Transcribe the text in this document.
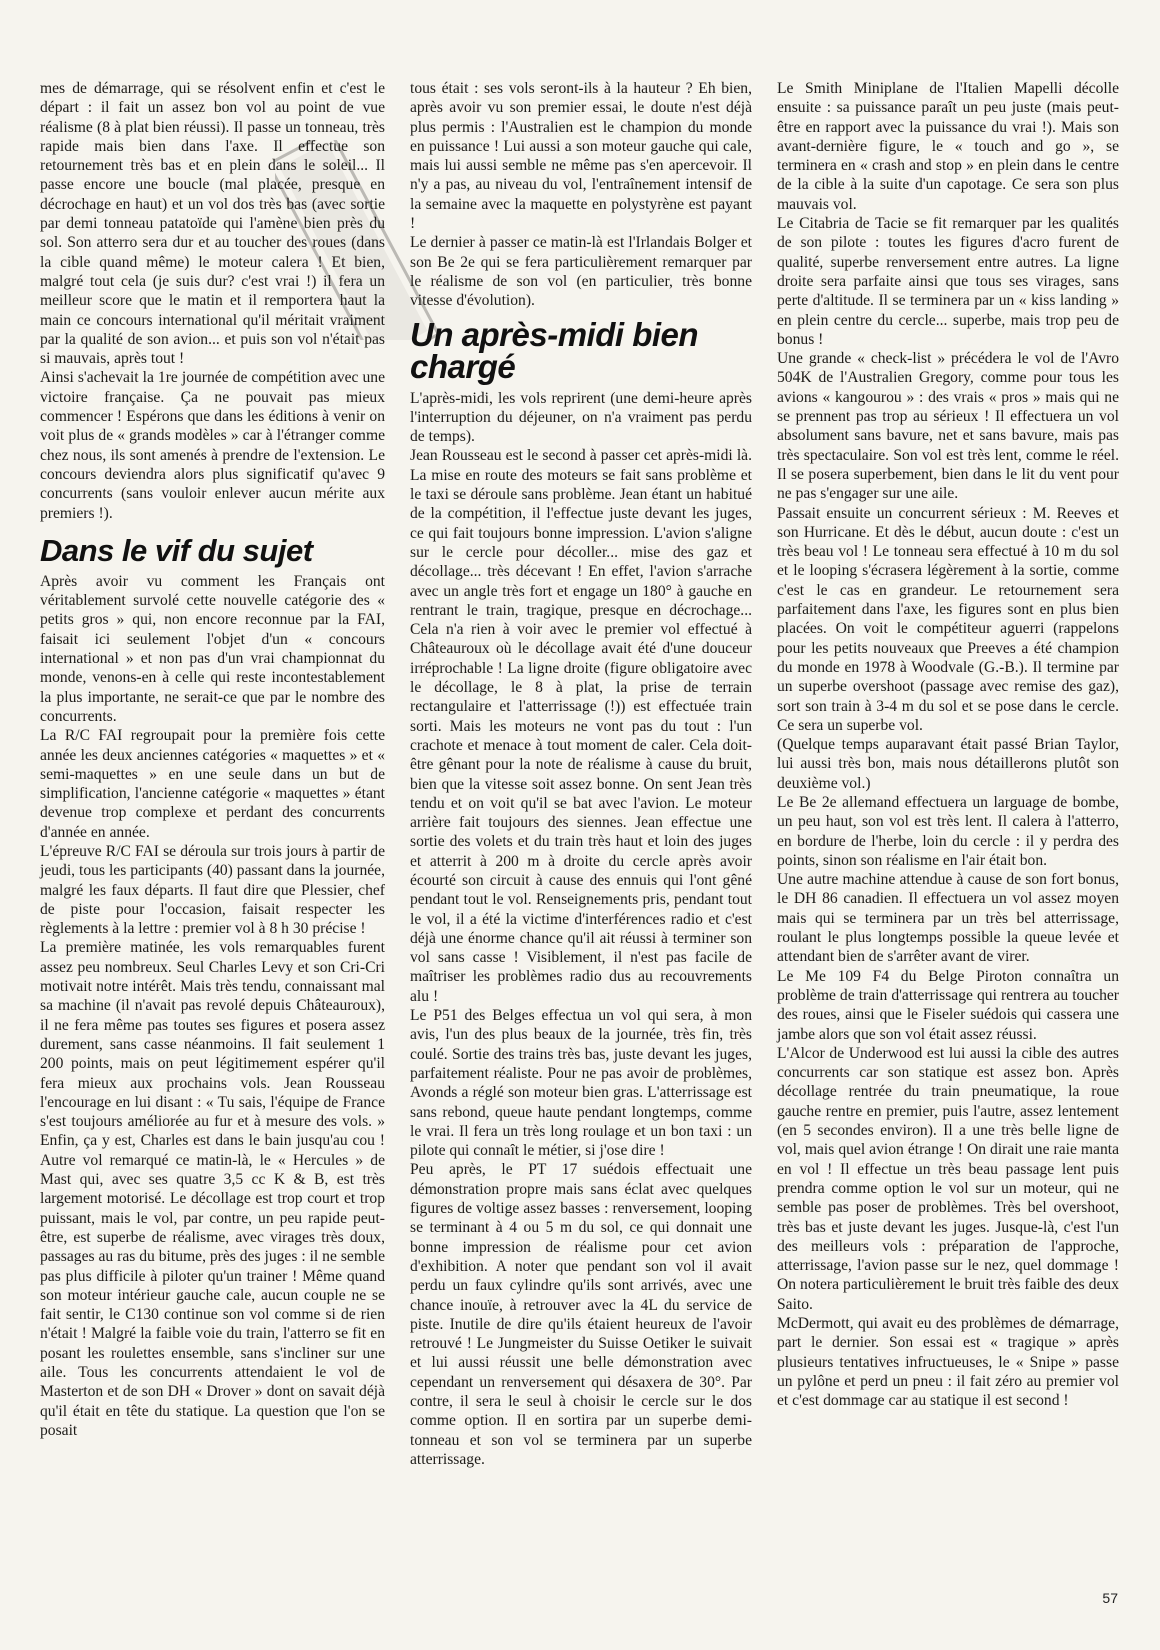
mes de démarrage, qui se résolvent enfin et c'est le départ : il fait un assez bon vol au point de vue réalisme (8 à plat bien réussi). Il passe un tonneau, très rapide mais bien dans l'axe. Il effectue son retournement très bas et en plein dans le soleil... Il passe encore une boucle (mal placée, presque en décrochage en haut) et un vol dos très bas (avec sortie par demi tonneau patatoïde qui l'amène bien près du sol. Son atterro sera dur et au toucher des roues (dans la cible quand même) le moteur calera ! Et bien, malgré tout cela (je suis dur? c'est vrai !) il fera un meilleur score que le matin et il remportera haut la main ce concours international qu'il méritait vraiment par la qualité de son avion... et puis son vol n'était pas si mauvais, après tout !

Ainsi s'achevait la 1re journée de compétition avec une victoire française. Ça ne pouvait pas mieux commencer ! Espérons que dans les éditions à venir on voit plus de « grands modèles » car à l'étranger comme chez nous, ils sont amenés à prendre de l'extension. Le concours deviendra alors plus significatif qu'avec 9 concurrents (sans vouloir enlever aucun mérite aux premiers !).

Dans le vif du sujet

Après avoir vu comment les Français ont véritablement survolé cette nouvelle catégorie des « petits gros » qui, non encore reconnue par la FAI, faisait ici seulement l'objet d'un « concours international » et non pas d'un vrai championnat du monde, venons-en à celle qui reste incontestablement la plus importante, ne serait-ce que par le nombre des concurrents.

La R/C FAI regroupait pour la première fois cette année les deux anciennes catégories « maquettes » et « semi-maquettes » en une seule dans un but de simplification, l'ancienne catégorie « maquettes » étant devenue trop complexe et perdant des concurrents d'année en année.

L'épreuve R/C FAI se déroula sur trois jours à partir de jeudi, tous les participants (40) passant dans la journée, malgré les faux départs. Il faut dire que Plessier, chef de piste pour l'occasion, faisait respecter les règlements à la lettre : premier vol à 8 h 30 précise !

La première matinée, les vols remarquables furent assez peu nombreux. Seul Charles Levy et son Cri-Cri motivait notre intérêt. Mais très tendu, connaissant mal sa machine (il n'avait pas revolé depuis Châteauroux), il ne fera même pas toutes ses figures et posera assez durement, sans casse néanmoins. Il fait seulement 1 200 points, mais on peut légitimement espérer qu'il fera mieux aux prochains vols. Jean Rousseau l'encourage en lui disant : « Tu sais, l'équipe de France s'est toujours améliorée au fur et à mesure des vols. » Enfin, ça y est, Charles est dans le bain jusqu'au cou ! Autre vol remarqué ce matin-là, le « Hercules » de Mast qui, avec ses quatre 3,5 cc K & B, est très largement motorisé. Le décollage est trop court et trop puissant, mais le vol, par contre, un peu rapide peut-être, est superbe de réalisme, avec virages très doux, passages au ras du bitume, près des juges : il ne semble pas plus difficile à piloter qu'un trainer ! Même quand son moteur intérieur gauche cale, aucun couple ne se fait sentir, le C130 continue son vol comme si de rien n'était ! Malgré la faible voie du train, l'atterro se fit en posant les roulettes ensemble, sans s'incliner sur une aile. Tous les concurrents attendaient le vol de Masterton et de son DH « Drover » dont on savait déjà qu'il était en tête du statique. La question que l'on se posait

tous était : ses vols seront-ils à la hauteur ? Eh bien, après avoir vu son premier essai, le doute n'est déjà plus permis : l'Australien est le champion du monde en puissance ! Lui aussi a son moteur gauche qui cale, mais lui aussi semble ne même pas s'en apercevoir. Il n'y a pas, au niveau du vol, l'entraînement intensif de la semaine avec la maquette en polystyrène est payant !

Le dernier à passer ce matin-là est l'Irlandais Bolger et son Be 2e qui se fera particulièrement remarquer par le réalisme de son vol (en particulier, très bonne vitesse d'évolution).

Un après-midi bien chargé

L'après-midi, les vols reprirent (une demi-heure après l'interruption du déjeuner, on n'a vraiment pas perdu de temps).

Jean Rousseau est le second à passer cet après-midi là. La mise en route des moteurs se fait sans problème et le taxi se déroule sans problème. Jean étant un habitué de la compétition, il l'effectue juste devant les juges, ce qui fait toujours bonne impression. L'avion s'aligne sur le cercle pour décoller... mise des gaz et décollage... très décevant ! En effet, l'avion s'arrache avec un angle très fort et engage un 180° à gauche en rentrant le train, tragique, presque en décrochage... Cela n'a rien à voir avec le premier vol effectué à Châteauroux où le décollage avait été d'une douceur irréprochable ! La ligne droite (figure obligatoire avec le décollage, le 8 à plat, la prise de terrain rectangulaire et l'atterrissage (!)) est effectuée train sorti. Mais les moteurs ne vont pas du tout : l'un crachote et menace à tout moment de caler. Cela doit-être gênant pour la note de réalisme à cause du bruit, bien que la vitesse soit assez bonne. On sent Jean très tendu et on voit qu'il se bat avec l'avion. Le moteur arrière fait toujours des siennes. Jean effectue une sortie des volets et du train très haut et loin des juges et atterrit à 200 m à droite du cercle après avoir écourté son circuit à cause des ennuis qui l'ont gêné pendant tout le vol. Renseignements pris, pendant tout le vol, il a été la victime d'interférences radio et c'est déjà une énorme chance qu'il ait réussi à terminer son vol sans casse ! Visiblement, il n'est pas facile de maîtriser les problèmes radio dus au recouvrements alu !

Le P51 des Belges effectua un vol qui sera, à mon avis, l'un des plus beaux de la journée, très fin, très coulé. Sortie des trains très bas, juste devant les juges, parfaitement réaliste. Pour ne pas avoir de problèmes, Avonds a réglé son moteur bien gras. L'atterrissage est sans rebond, queue haute pendant longtemps, comme le vrai. Il fera un très long roulage et un bon taxi : un pilote qui connaît le métier, si j'ose dire !

Peu après, le PT 17 suédois effectuait une démonstration propre mais sans éclat avec quelques figures de voltige assez basses : renversement, looping se terminant à 4 ou 5 m du sol, ce qui donnait une bonne impression de réalisme pour cet avion d'exhibition. A noter que pendant son vol il avait perdu un faux cylindre qu'ils sont arrivés, avec une chance inouïe, à retrouver avec la 4L du service de piste. Inutile de dire qu'ils étaient heureux de l'avoir retrouvé ! Le Jungmeister du Suisse Oetiker le suivait et lui aussi réussit une belle démonstration avec cependant un renversement qui désaxera de 30°. Par contre, il sera le seul à choisir le cercle sur le dos comme option. Il en sortira par un superbe demi-tonneau et son vol se terminera par un superbe atterrissage.

Le Smith Miniplane de l'Italien Mapelli décolle ensuite : sa puissance paraît un peu juste (mais peut-être en rapport avec la puissance du vrai !). Mais son avant-dernière figure, le « touch and go », se terminera en « crash and stop » en plein dans le centre de la cible à la suite d'un capotage. Ce sera son plus mauvais vol.

Le Citabria de Tacie se fit remarquer par les qualités de son pilote : toutes les figures d'acro furent de qualité, superbe renversement entre autres. La ligne droite sera parfaite ainsi que tous ses virages, sans perte d'altitude. Il se terminera par un « kiss landing » en plein centre du cercle... superbe, mais trop peu de bonus !

Une grande « check-list » précédera le vol de l'Avro 504K de l'Australien Gregory, comme pour tous les avions « kangourou » : des vrais « pros » mais qui ne se prennent pas trop au sérieux ! Il effectuera un vol absolument sans bavure, net et sans bavure, mais pas très spectaculaire. Son vol est très lent, comme le réel. Il se posera superbement, bien dans le lit du vent pour ne pas s'engager sur une aile.

Passait ensuite un concurrent sérieux : M. Reeves et son Hurricane. Et dès le début, aucun doute : c'est un très beau vol ! Le tonneau sera effectué à 10 m du sol et le looping s'écrasera légèrement à la sortie, comme c'est le cas en grandeur. Le retournement sera parfaitement dans l'axe, les figures sont en plus bien placées. On voit le compétiteur aguerri (rappelons pour les petits nouveaux que Preeves a été champion du monde en 1978 à Woodvale (G.-B.). Il termine par un superbe overshoot (passage avec remise des gaz), sort son train à 3-4 m du sol et se pose dans le cercle. Ce sera un superbe vol.

(Quelque temps auparavant était passé Brian Taylor, lui aussi très bon, mais nous détaillerons plutôt son deuxième vol.)

Le Be 2e allemand effectuera un larguage de bombe, un peu haut, son vol est très lent. Il calera à l'atterro, en bordure de l'herbe, loin du cercle : il y perdra des points, sinon son réalisme en l'air était bon.

Une autre machine attendue à cause de son fort bonus, le DH 86 canadien. Il effectuera un vol assez moyen mais qui se terminera par un très bel atterrissage, roulant le plus longtemps possible la queue levée et attendant bien de s'arrêter avant de virer.

Le Me 109 F4 du Belge Piroton connaîtra un problème de train d'atterrissage qui rentrera au toucher des roues, ainsi que le Fiseler suédois qui cassera une jambe alors que son vol était assez réussi.

L'Alcor de Underwood est lui aussi la cible des autres concurrents car son statique est assez bon. Après décollage rentrée du train pneumatique, la roue gauche rentre en premier, puis l'autre, assez lentement (en 5 secondes environ). Il a une très belle ligne de vol, mais quel avion étrange ! On dirait une raie manta en vol ! Il effectue un très beau passage lent puis prendra comme option le vol sur un moteur, qui ne semble pas poser de problèmes. Très bel overshoot, très bas et juste devant les juges. Jusque-là, c'est l'un des meilleurs vols : préparation de l'approche, atterrissage, l'avion passe sur le nez, quel dommage ! On notera particulièrement le bruit très faible des deux Saito.

McDermott, qui avait eu des problèmes de démarrage, part le dernier. Son essai est « tragique » après plusieurs tentatives infructueuses, le « Snipe » passe un pylône et perd un pneu : il fait zéro au premier vol et c'est dommage car au statique il est second !

57
